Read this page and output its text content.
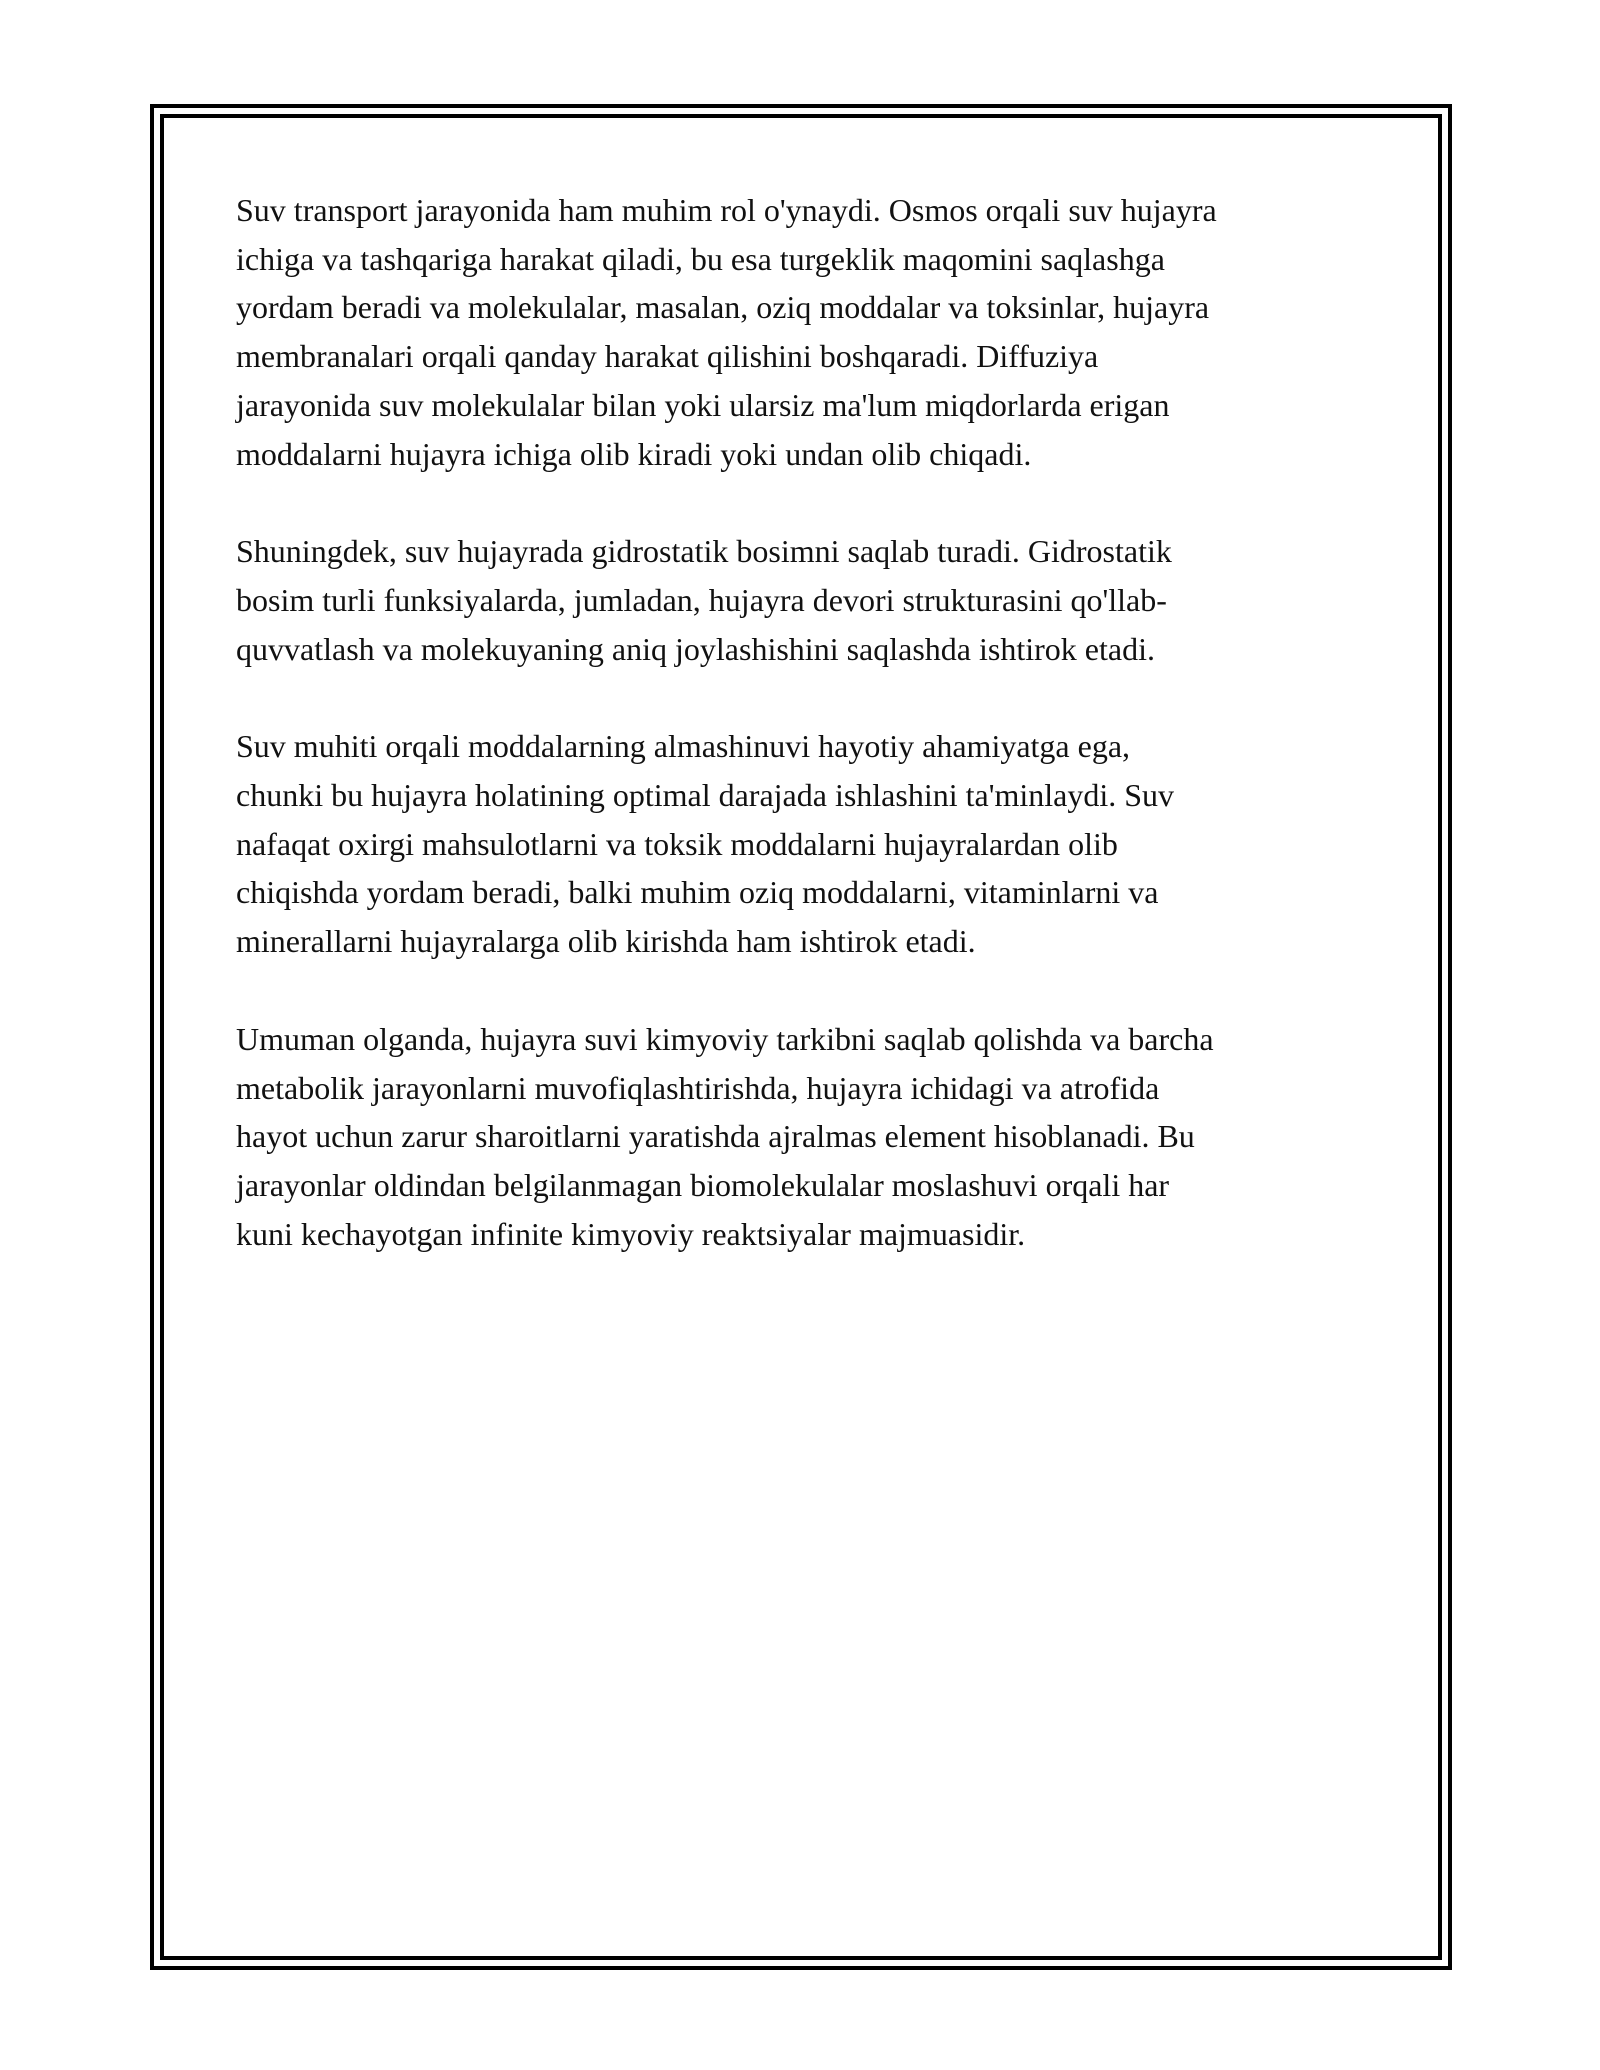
Suv transport jarayonida ham muhim rol o'ynaydi. Osmos orqali suv hujayra
ichiga va tashqariga harakat qiladi, bu esa turgeklik maqomini saqlashga
yordam beradi va molekulalar, masalan, oziq moddalar va toksinlar, hujayra
membranalari orqali qanday harakat qilishini boshqaradi. Diffuziya
jarayonida suv molekulalar bilan yoki ularsiz ma'lum miqdorlarda erigan
moddalarni hujayra ichiga olib kiradi yoki undan olib chiqadi.

Shuningdek, suv hujayrada gidrostatik bosimni saqlab turadi. Gidrostatik
bosim turli funksiyalarda, jumladan, hujayra devori strukturasini qo'llab-
quvvatlash va molekuyaning aniq joylashishini saqlashda ishtirok etadi.

Suv muhiti orqali moddalarning almashinuvi hayotiy ahamiyatga ega,
chunki bu hujayra holatining optimal darajada ishlashini ta'minlaydi. Suv
nafaqat oxirgi mahsulotlarni va toksik moddalarni hujayralardan olib
chiqishda yordam beradi, balki muhim oziq moddalarni, vitaminlarni va
minerallarni hujayralarga olib kirishda ham ishtirok etadi.

Umuman olganda, hujayra suvi kimyoviy tarkibni saqlab qolishda va barcha
metabolik jarayonlarni muvofiqlashtirishda, hujayra ichidagi va atrofida
hayot uchun zarur sharoitlarni yaratishda ajralmas element hisoblanadi. Bu
jarayonlar oldindan belgilanmagan biomolekulalar moslashuvi orqali har
kuni kechayotgan infinite kimyoviy reaktsiyalar majmuasidir.
